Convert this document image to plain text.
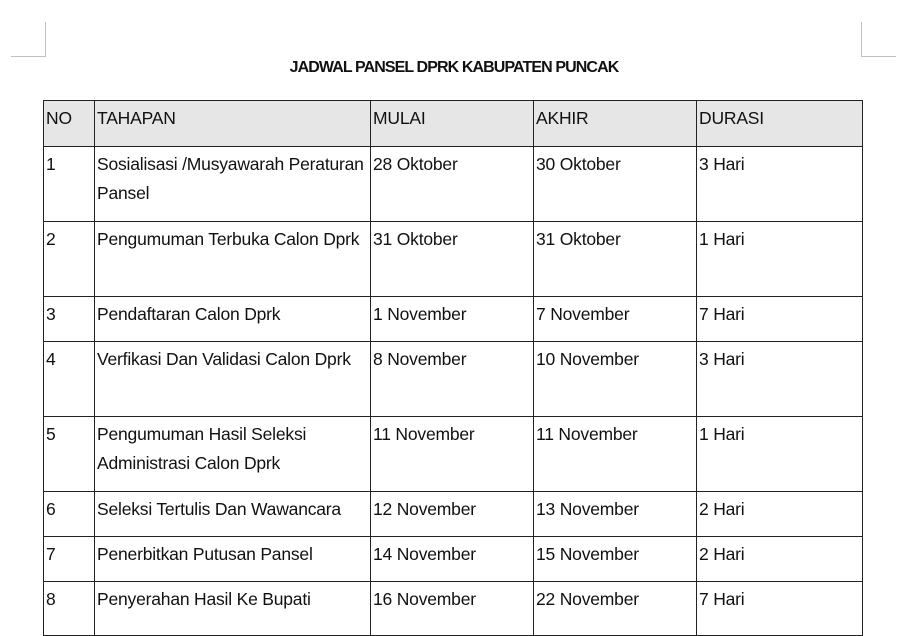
JADWAL PANSEL DPRK KABUPATEN PUNCAK
NO	TAHAPAN	MULAI	AKHIR	DURASI
1	Sosialisasi /Musyawarah Peraturan Pansel	28 Oktober	30 Oktober	3 Hari
2	Pengumuman Terbuka Calon Dprk	31 Oktober	31 Oktober	1 Hari
3	Pendaftaran Calon Dprk	1 November	7 November	7 Hari
4	Verfikasi Dan Validasi Calon Dprk	8 November	10 November	3 Hari
5	Pengumuman Hasil Seleksi Administrasi Calon Dprk	11 November	11 November	1 Hari
6	Seleksi Tertulis Dan Wawancara	12 November	13 November	2 Hari
7	Penerbitkan Putusan Pansel	14 November	15 November	2 Hari
8	Penyerahan Hasil Ke Bupati	16 November	22 November	7 Hari
